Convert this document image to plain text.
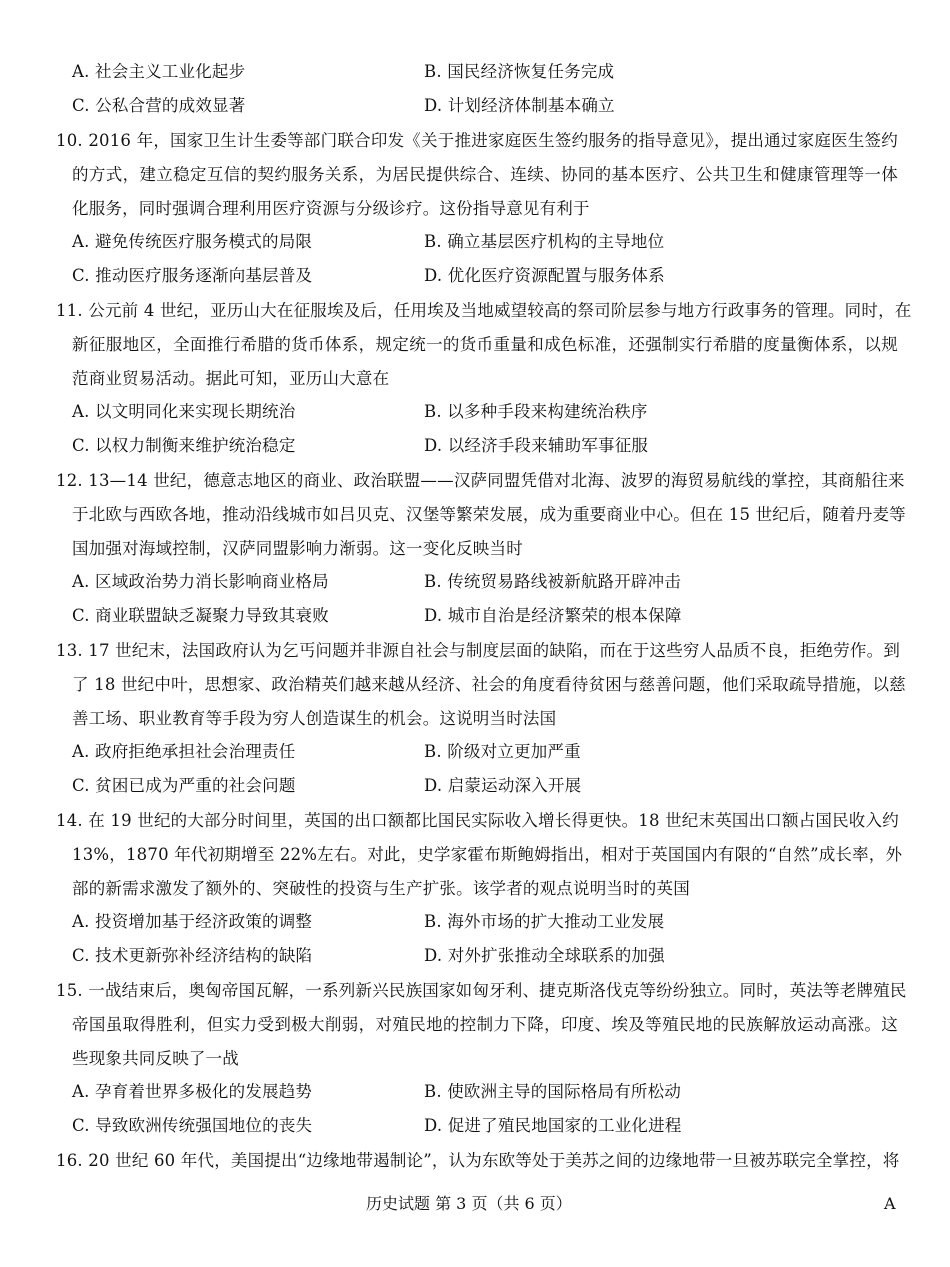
A. 社会主义工业化起步	B. 国民经济恢复任务完成
C. 公私合营的成效显著	D. 计划经济体制基本确立
10. 2016 年，国家卫生计生委等部门联合印发《关于推进家庭医生签约服务的指导意见》，提出通过家庭医生签约
的方式，建立稳定互信的契约服务关系，为居民提供综合、连续、协同的基本医疗、公共卫生和健康管理等一体
化服务，同时强调合理利用医疗资源与分级诊疗。这份指导意见有利于
A. 避免传统医疗服务模式的局限	B. 确立基层医疗机构的主导地位
C. 推动医疗服务逐渐向基层普及	D. 优化医疗资源配置与服务体系
11. 公元前 4 世纪，亚历山大在征服埃及后，任用埃及当地威望较高的祭司阶层参与地方行政事务的管理。同时，在
新征服地区，全面推行希腊的货币体系，规定统一的货币重量和成色标准，还强制实行希腊的度量衡体系，以规
范商业贸易活动。据此可知，亚历山大意在
A. 以文明同化来实现长期统治	B. 以多种手段来构建统治秩序
C. 以权力制衡来维护统治稳定	D. 以经济手段来辅助军事征服
12. 13—14 世纪，德意志地区的商业、政治联盟——汉萨同盟凭借对北海、波罗的海贸易航线的掌控，其商船往来
于北欧与西欧各地，推动沿线城市如吕贝克、汉堡等繁荣发展，成为重要商业中心。但在 15 世纪后，随着丹麦等
国加强对海域控制，汉萨同盟影响力渐弱。这一变化反映当时
A. 区域政治势力消长影响商业格局	B. 传统贸易路线被新航路开辟冲击
C. 商业联盟缺乏凝聚力导致其衰败	D. 城市自治是经济繁荣的根本保障
13. 17 世纪末，法国政府认为乞丐问题并非源自社会与制度层面的缺陷，而在于这些穷人品质不良，拒绝劳作。到
了 18 世纪中叶，思想家、政治精英们越来越从经济、社会的角度看待贫困与慈善问题，他们采取疏导措施，以慈
善工场、职业教育等手段为穷人创造谋生的机会。这说明当时法国
A. 政府拒绝承担社会治理责任	B. 阶级对立更加严重
C. 贫困已成为严重的社会问题	D. 启蒙运动深入开展
14. 在 19 世纪的大部分时间里，英国的出口额都比国民实际收入增长得更快。18 世纪末英国出口额占国民收入约
13%，1870 年代初期增至 22%左右。对此，史学家霍布斯鲍姆指出，相对于英国国内有限的“自然”成长率，外
部的新需求激发了额外的、突破性的投资与生产扩张。该学者的观点说明当时的英国
A. 投资增加基于经济政策的调整	B. 海外市场的扩大推动工业发展
C. 技术更新弥补经济结构的缺陷	D. 对外扩张推动全球联系的加强
15. 一战结束后，奥匈帝国瓦解，一系列新兴民族国家如匈牙利、捷克斯洛伐克等纷纷独立。同时，英法等老牌殖民
帝国虽取得胜利，但实力受到极大削弱，对殖民地的控制力下降，印度、埃及等殖民地的民族解放运动高涨。这
些现象共同反映了一战
A. 孕育着世界多极化的发展趋势	B. 使欧洲主导的国际格局有所松动
C. 导致欧洲传统强国地位的丧失	D. 促进了殖民地国家的工业化进程
16. 20 世纪 60 年代，美国提出“边缘地带遏制论”，认为东欧等处于美苏之间的边缘地带一旦被苏联完全掌控，将
历史试题 第 3 页（共 6 页）	A
